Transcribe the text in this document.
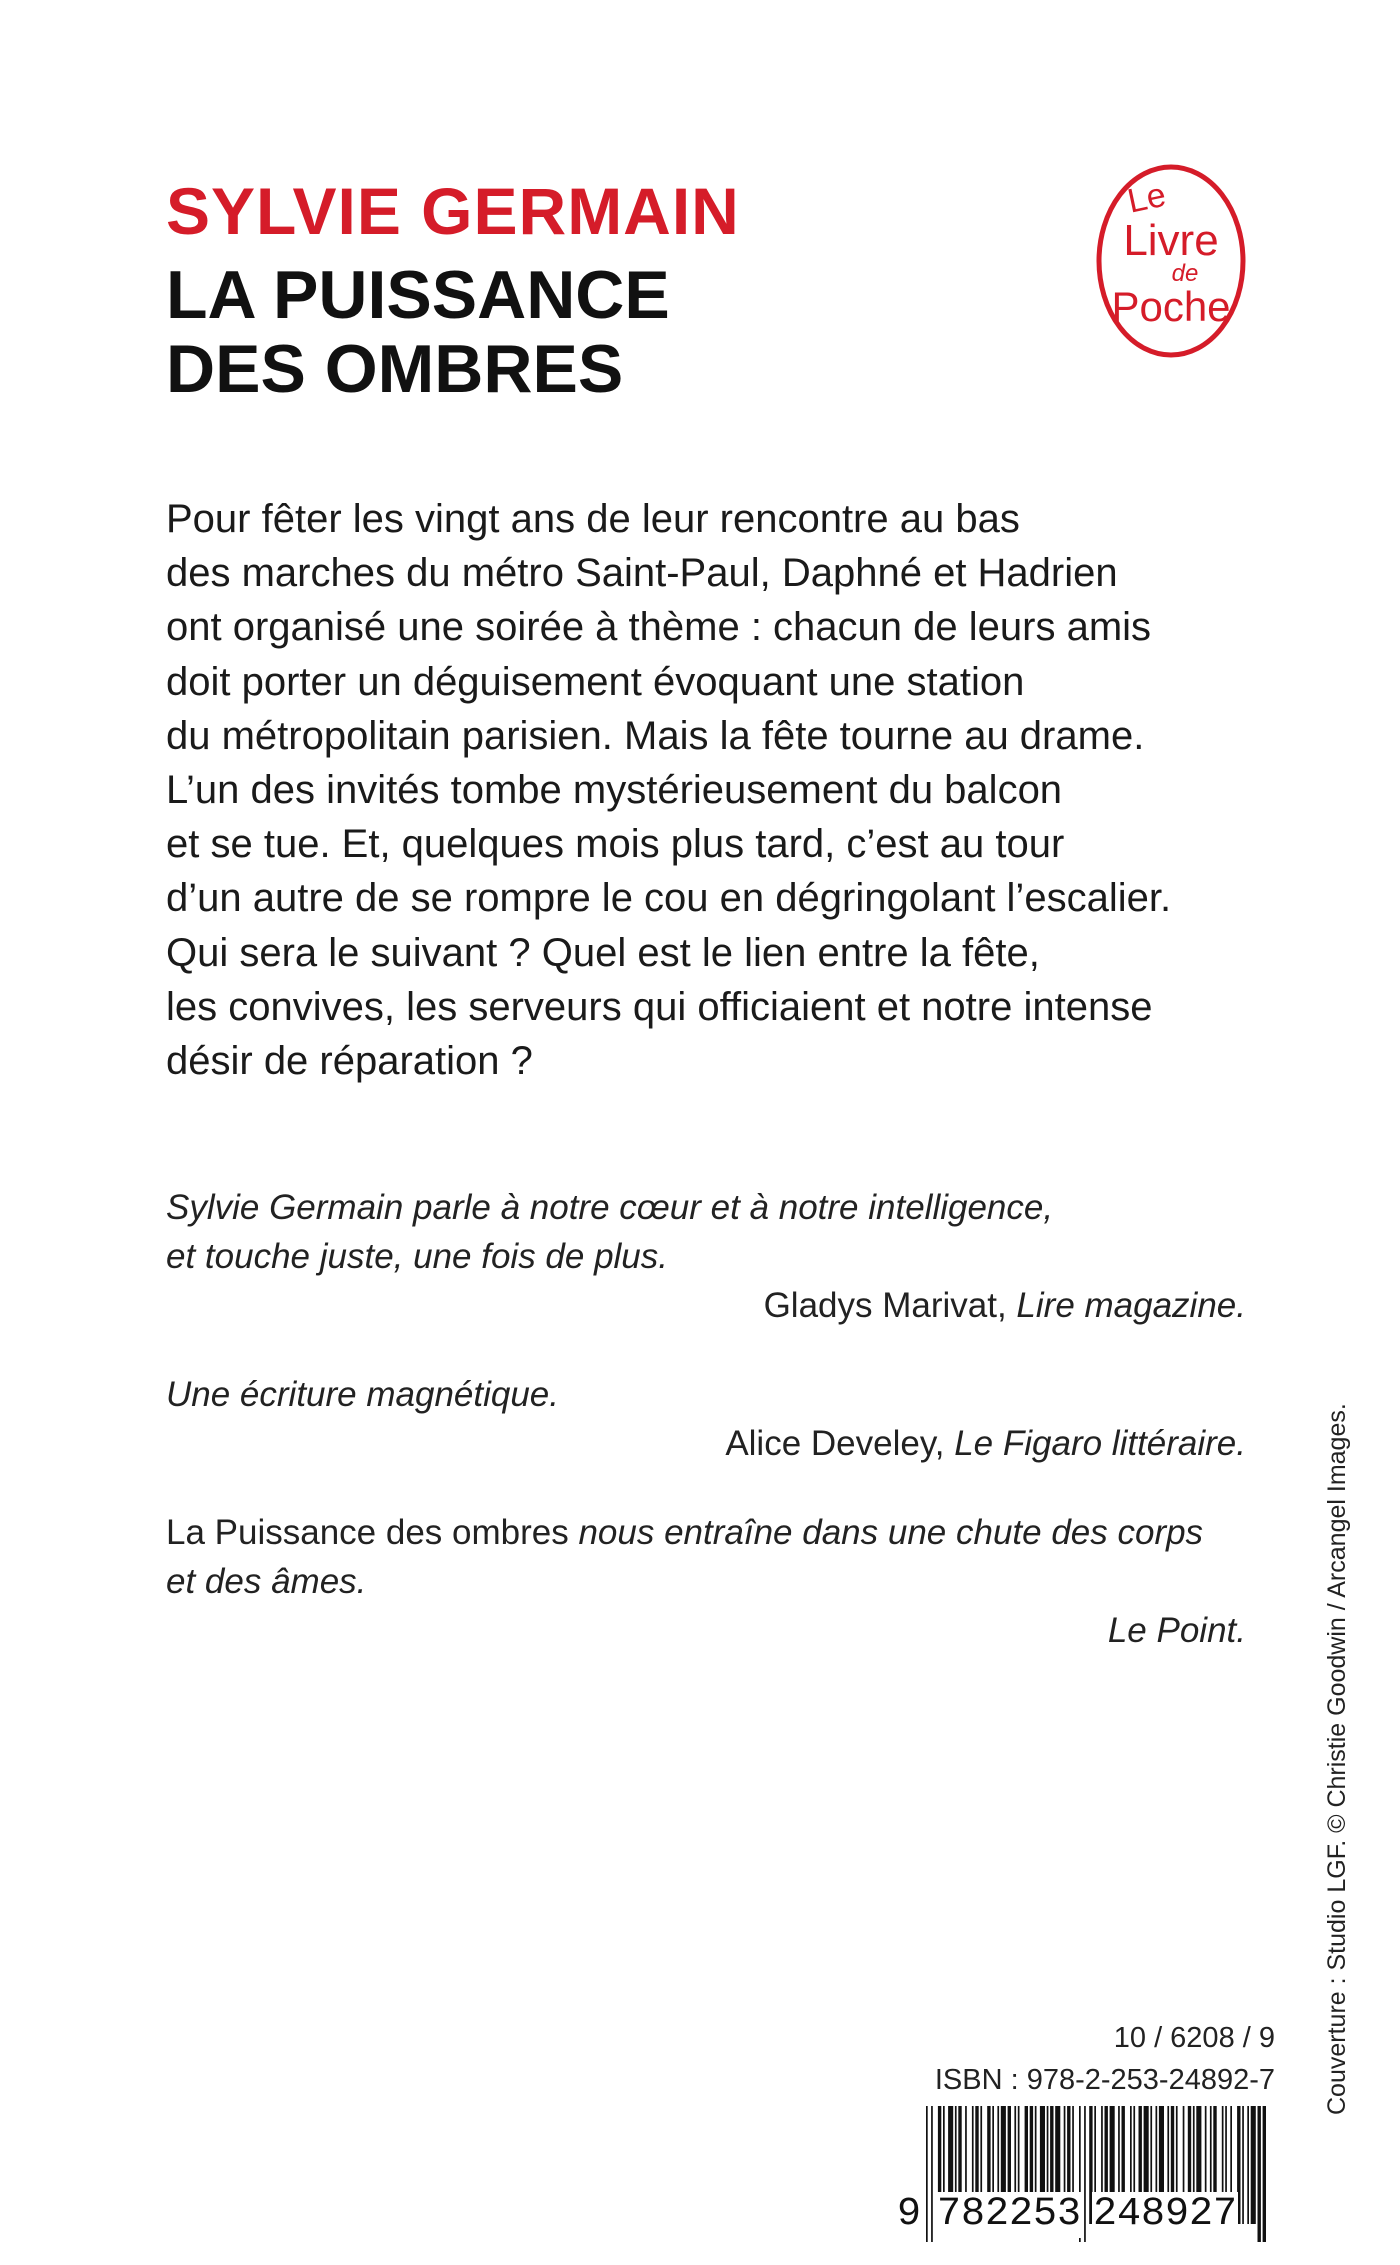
SYLVIE GERMAIN
LA PUISSANCE
DES OMBRES
Le
Livre
de
Poche
Pour fêter les vingt ans de leur rencontre au bas
des marches du métro Saint-Paul, Daphné et Hadrien
ont organisé une soirée à thème : chacun de leurs amis
doit porter un déguisement évoquant une station
du métropolitain parisien. Mais la fête tourne au drame.
L’un des invités tombe mystérieusement du balcon
et se tue. Et, quelques mois plus tard, c’est au tour
d’un autre de se rompre le cou en dégringolant l’escalier.
Qui sera le suivant ? Quel est le lien entre la fête,
les convives, les serveurs qui officiaient et notre intense
désir de réparation ?
Sylvie Germain parle à notre cœur et à notre intelligence,
et touche juste, une fois de plus.
Gladys Marivat, Lire magazine.
Une écriture magnétique.
Alice Develey, Le Figaro littéraire.
La Puissance des ombres nous entraîne dans une chute des corps
et des âmes.
Le Point.	Couverture : Studio LGF. © Christie Goodwin / Arcangel Images.
10 / 6208 / 9
ISBN : 978-2-253-24892-7
9 782253 248927
